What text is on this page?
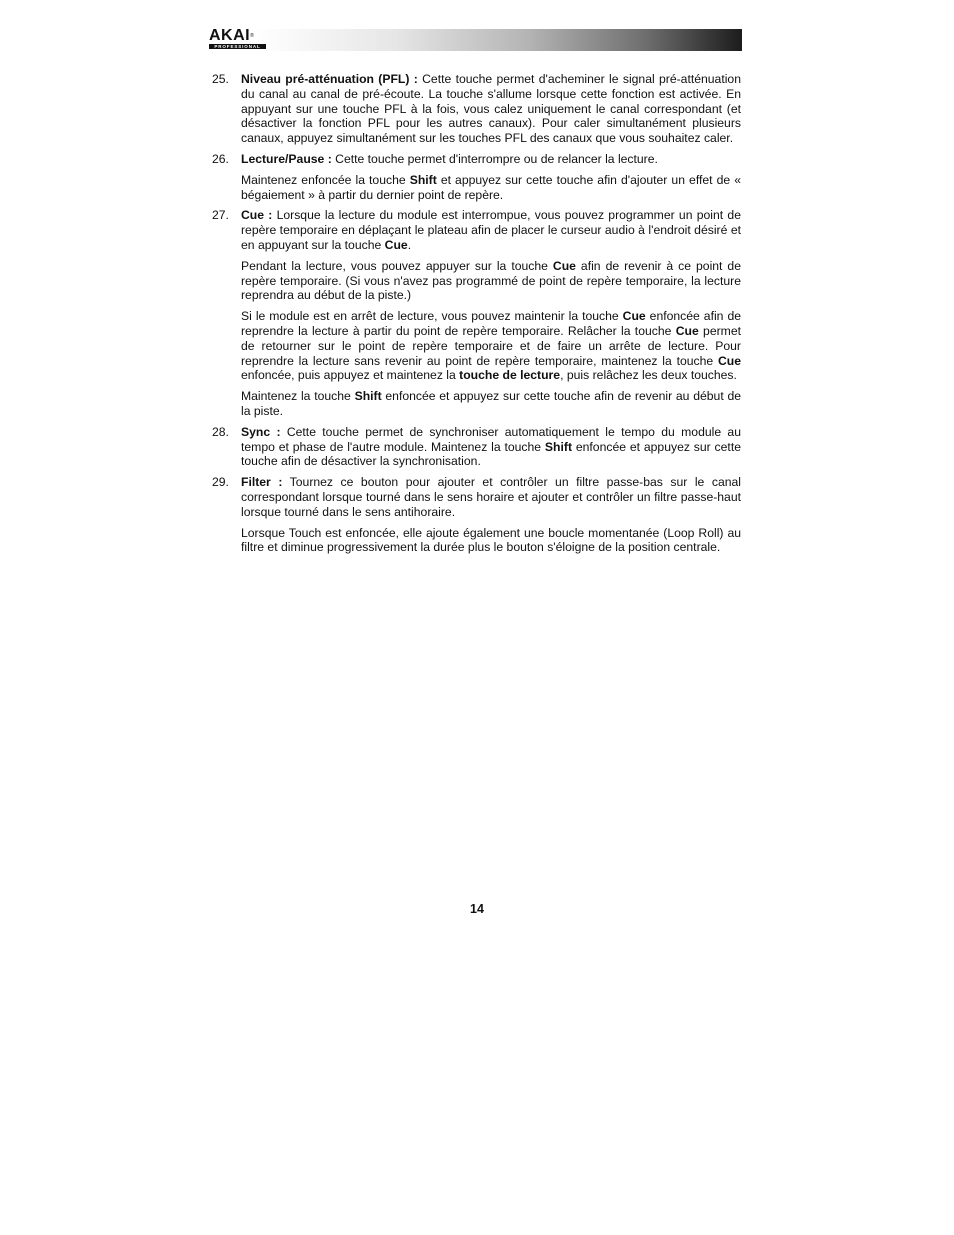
AKAI®
PROFESSIONAL
25. Niveau pré-atténuation (PFL) : Cette touche permet d'acheminer le signal pré-atténuation du canal au canal de pré-écoute. La touche s'allume lorsque cette fonction est activée. En appuyant sur une touche PFL à la fois, vous calez uniquement le canal correspondant (et désactiver la fonction PFL pour les autres canaux). Pour caler simultanément plusieurs canaux, appuyez simultanément sur les touches PFL des canaux que vous souhaitez caler.

26. Lecture/Pause : Cette touche permet d'interrompre ou de relancer la lecture.

Maintenez enfoncée la touche Shift et appuyez sur cette touche afin d'ajouter un effet de « bégaiement » à partir du dernier point de repère.

27. Cue : Lorsque la lecture du module est interrompue, vous pouvez programmer un point de repère temporaire en déplaçant le plateau afin de placer le curseur audio à l'endroit désiré et en appuyant sur la touche Cue.

Pendant la lecture, vous pouvez appuyer sur la touche Cue afin de revenir à ce point de repère temporaire. (Si vous n'avez pas programmé de point de repère temporaire, la lecture reprendra au début de la piste.)

Si le module est en arrêt de lecture, vous pouvez maintenir la touche Cue enfoncée afin de reprendre la lecture à partir du point de repère temporaire. Relâcher la touche Cue permet de retourner sur le point de repère temporaire et de faire un arrête de lecture. Pour reprendre la lecture sans revenir au point de repère temporaire, maintenez la touche Cue enfoncée, puis appuyez et maintenez la touche de lecture, puis relâchez les deux touches.

Maintenez la touche Shift enfoncée et appuyez sur cette touche afin de revenir au début de la piste.

28. Sync : Cette touche permet de synchroniser automatiquement le tempo du module au tempo et phase de l'autre module. Maintenez la touche Shift enfoncée et appuyez sur cette touche afin de désactiver la synchronisation.

29. Filter : Tournez ce bouton pour ajouter et contrôler un filtre passe-bas sur le canal correspondant lorsque tourné dans le sens horaire et ajouter et contrôler un filtre passe-haut lorsque tourné dans le sens antihoraire.

Lorsque Touch est enfoncée, elle ajoute également une boucle momentanée (Loop Roll) au filtre et diminue progressivement la durée plus le bouton s'éloigne de la position centrale.

14
